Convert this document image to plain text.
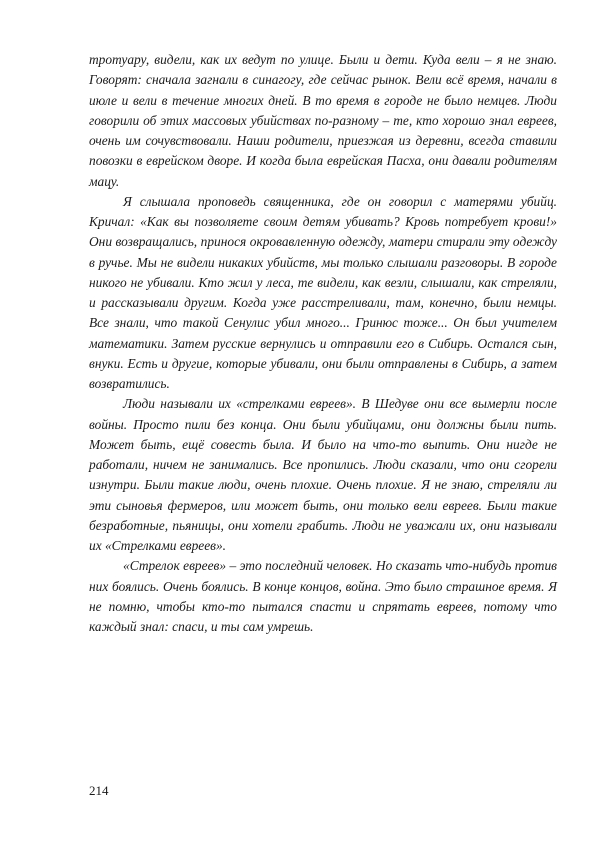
тротуару, видели, как их ведут по улице. Были и дети. Куда вели – я не знаю. Говорят: сначала загнали в синагогу, где сейчас рынок. Вели всё время, начали в июле и вели в течение многих дней. В то время в городе не было немцев. Люди говорили об этих массовых убийствах по-разному – те, кто хорошо знал евреев, очень им сочувствовали. Наши родители, приезжая из деревни, всегда ставили повозки в еврейском дворе. И когда была еврейская Пасха, они давали родителям мацу.

Я слышала проповедь священника, где он говорил с матерями убийц. Кричал: «Как вы позволяете своим детям убивать? Кровь потребует крови!» Они возвращались, принося окровавленную одежду, матери стирали эту одежду в ручье. Мы не видели никаких убийств, мы только слышали разговоры. В городе никого не убивали. Кто жил у леса, те видели, как везли, слышали, как стреляли, и рассказывали другим. Когда уже расстреливали, там, конечно, были немцы. Все знали, что такой Сенулис убил много... Гринюс тоже... Он был учителем математики. Затем русские вернулись и отправили его в Сибирь. Остался сын, внуки. Есть и другие, которые убивали, они были отправлены в Сибирь, а затем возвратились.

Люди называли их «стрелками евреев». В Шедуве они все вымерли после войны. Просто пили без конца. Они были убийцами, они должны были пить. Может быть, ещё совесть была. И было на что-то выпить. Они нигде не работали, ничем не занимались. Все пропились. Люди сказали, что они сгорели изнутри. Были такие люди, очень плохие. Очень плохие. Я не знаю, стреляли ли эти сыновья фермеров, или может быть, они только вели евреев. Были такие безработные, пьяницы, они хотели грабить. Люди не уважали их, они называли их «Стрелками евреев».

«Стрелок евреев» – это последний человек. Но сказать что-нибудь против них боялись. Очень боялись. В конце концов, война. Это было страшное время. Я не помню, чтобы кто-то пытался спасти и спрятать евреев, потому что каждый знал: спаси, и ты сам умрешь.

214
